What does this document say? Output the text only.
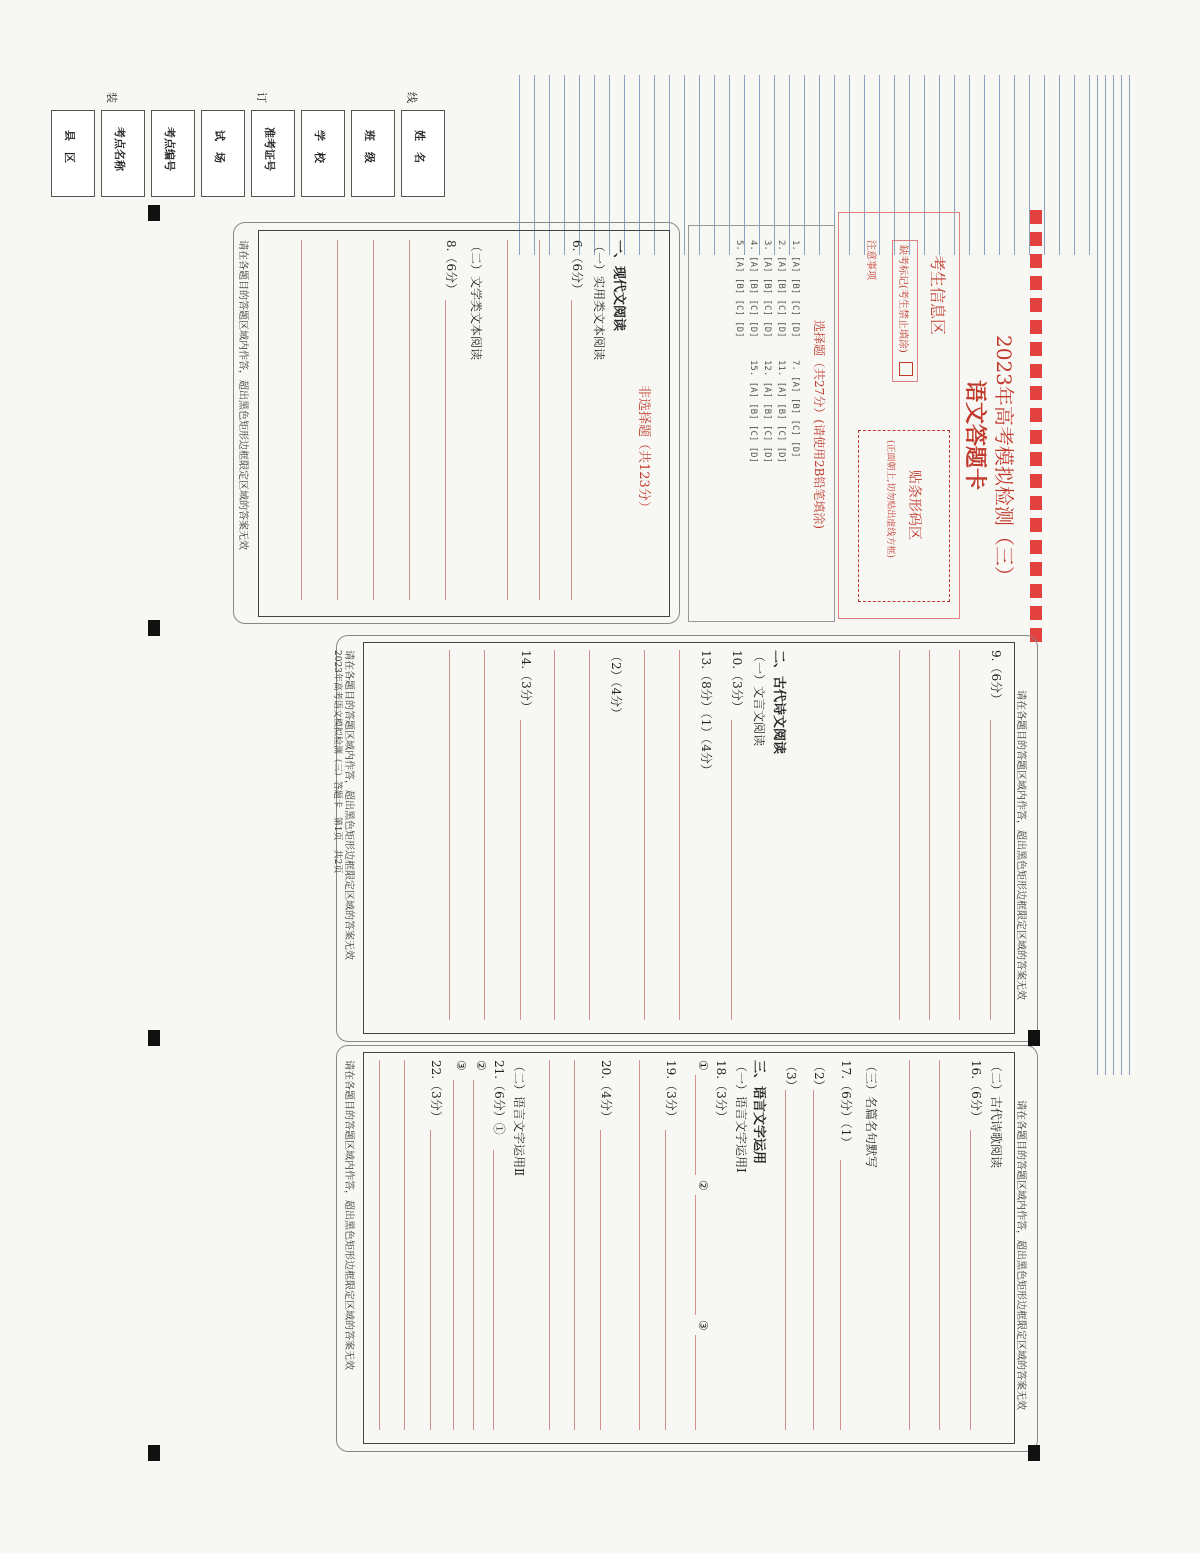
县　区	考点名称	考点编号	试　场	准考证号	学　校	班　级	姓　名
装	订	线
2023年高考模拟检测（三）
语文答题卡
考生信息区
缺考标记(考生禁止填涂)
注意事项
贴条形码区
(正面朝上,切勿贴出虚线方框)
选择题（共27分）(请使用2B铅笔填涂)
1. [A] [B] [C] [D]
2. [A] [B] [C] [D]
3. [A] [B] [C] [D]
4. [A] [B] [C] [D]
5. [A] [B] [C] [D]
7. [A] [B] [C] [D]
11. [A] [B] [C] [D]
12. [A] [B] [C] [D]
15. [A] [B] [C] [D]
非选择题（共123分）
一、现代文阅读
（一）实用类文本阅读
6.（6分）
（二）文学类文本阅读
8.（6分）
请在各题目的答题区域内作答，超出黑色矩形边框限定区域的答案无效
请在各题目的答题区域内作答，超出黑色矩形边框限定区域的答案无效
9.（6分）
二、古代诗文阅读
（一）文言文阅读
10.（3分）
13.（8分）（1）（4分）
（2）（4分）
14.（3分）
请在各题目的答题区域内作答，超出黑色矩形边框限定区域的答案无效
2023年高考语文模拟检测（三）答题卡　第1页　共2页
请在各题目的答题区域内作答，超出黑色矩形边框限定区域的答案无效
（二）古代诗歌阅读
16.（6分）
（三）名篇名句默写
17.（6分）（1）
（2）
（3）
三、语言文字运用
（一）语言文字运用Ⅰ
18.（3分）
①
②
③
19.（3分）
20.（4分）
（二）语言文字运用Ⅱ
21.（6分）①
②
③
22.（3分）
请在各题目的答题区域内作答，超出黑色矩形边框限定区域的答案无效
